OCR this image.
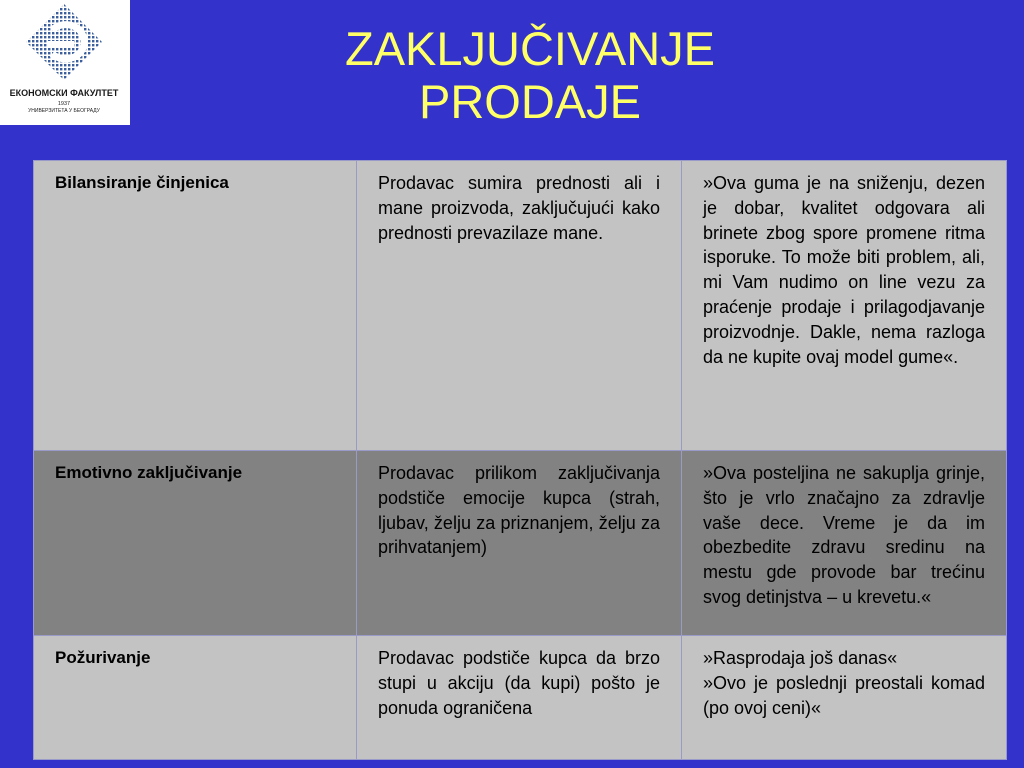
ЕКОНОМСКИ ФАКУЛТЕТ
1937
УНИВЕРЗИТЕТА У БЕОГРАДУ
ZAKLJUČIVANJE
PRODAJE
Bilansiranje činjenica	Prodavac sumira prednosti ali i mane proizvoda, zaključujući kako prednosti prevazilaze mane.	»Ova guma je na sniženju, dezen je dobar, kvalitet odgovara ali brinete zbog spore promene ritma isporuke. To može biti problem, ali, mi Vam nudimo on line vezu za praćenje prodaje i prilagodjavanje proizvodnje. Dakle, nema razloga da ne kupite ovaj model gume«.

Emotivno zaključivanje	Prodavac prilikom zaključivanja podstiče emocije kupca (strah, ljubav, želju za priznanjem, želju za prihvatanjem)	»Ova posteljina ne sakuplja grinje, što je vrlo značajno za zdravlje vaše dece. Vreme je da im obezbedite zdravu sredinu na mestu gde provode bar trećinu svog detinjstva – u krevetu.«

Požurivanje	Prodavac podstiče kupca da brzo stupi u akciju (da kupi) pošto je ponuda ograničena	»Rasprodaja još danas«
»Ovo je poslednji preostali komad (po ovoj ceni)«
